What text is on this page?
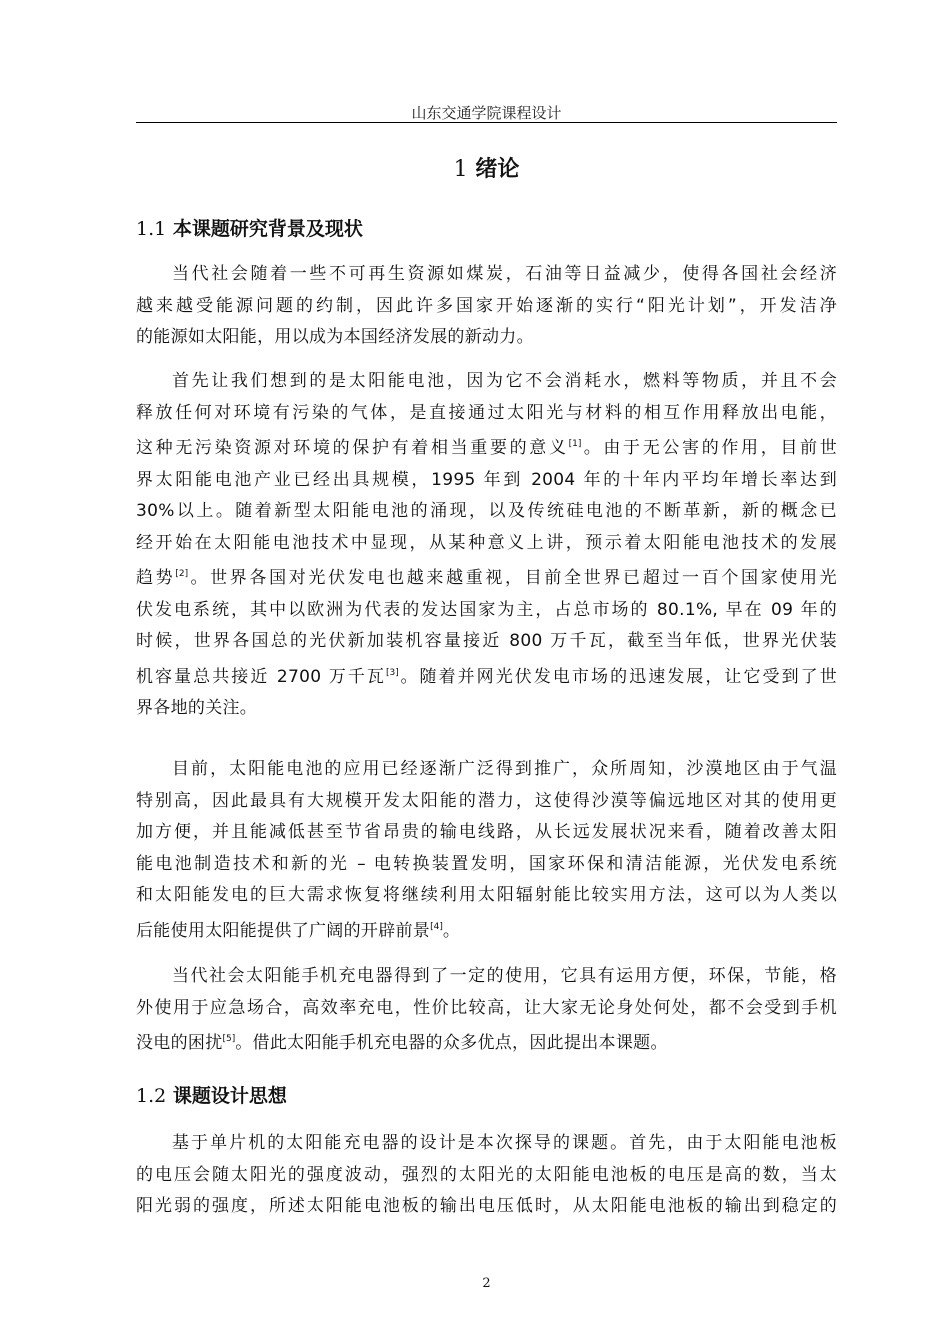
山东交通学院课程设计
1 绪论
1.1 本课题研究背景及现状
当代社会随着一些不可再生资源如煤炭，石油等日益减少，使得各国社会经济
越来越受能源问题的约制，因此许多国家开始逐渐的实行“阳光计划”，开发洁净
的能源如太阳能，用以成为本国经济发展的新动力。
首先让我们想到的是太阳能电池，因为它不会消耗水，燃料等物质，并且不会
释放任何对环境有污染的气体，是直接通过太阳光与材料的相互作用释放出电能，
这种无污染资源对环境的保护有着相当重要的意义[1]。由于无公害的作用，目前世
界太阳能电池产业已经出具规模，1995 年到 2004 年的十年内平均年增长率达到
30%以上。随着新型太阳能电池的涌现，以及传统硅电池的不断革新，新的概念已
经开始在太阳能电池技术中显现，从某种意义上讲，预示着太阳能电池技术的发展
趋势[2]。世界各国对光伏发电也越来越重视，目前全世界已超过一百个国家使用光
伏发电系统，其中以欧洲为代表的发达国家为主，占总市场的 80.1%, 早在 09 年的
时候，世界各国总的光伏新加装机容量接近 800 万千瓦，截至当年低，世界光伏装
机容量总共接近 2700 万千瓦[3]。随着并网光伏发电市场的迅速发展，让它受到了世
界各地的关注。
目前，太阳能电池的应用已经逐渐广泛得到推广，众所周知，沙漠地区由于气温
特别高，因此最具有大规模开发太阳能的潜力，这使得沙漠等偏远地区对其的使用更
加方便，并且能减低甚至节省昂贵的输电线路，从长远发展状况来看，随着改善太阳
能电池制造技术和新的光 – 电转换装置发明，国家环保和清洁能源，光伏发电系统
和太阳能发电的巨大需求恢复将继续利用太阳辐射能比较实用方法，这可以为人类以
后能使用太阳能提供了广阔的开辟前景[4]。
当代社会太阳能手机充电器得到了一定的使用，它具有运用方便，环保，节能，格
外使用于应急场合，高效率充电，性价比较高，让大家无论身处何处，都不会受到手机
没电的困扰[5]。借此太阳能手机充电器的众多优点，因此提出本课题。
1.2 课题设计思想
基于单片机的太阳能充电器的设计是本次探导的课题。首先，由于太阳能电池板
的电压会随太阳光的强度波动，强烈的太阳光的太阳能电池板的电压是高的数，当太
阳光弱的强度，所述太阳能电池板的输出电压低时，从太阳能电池板的输出到稳定的
2
